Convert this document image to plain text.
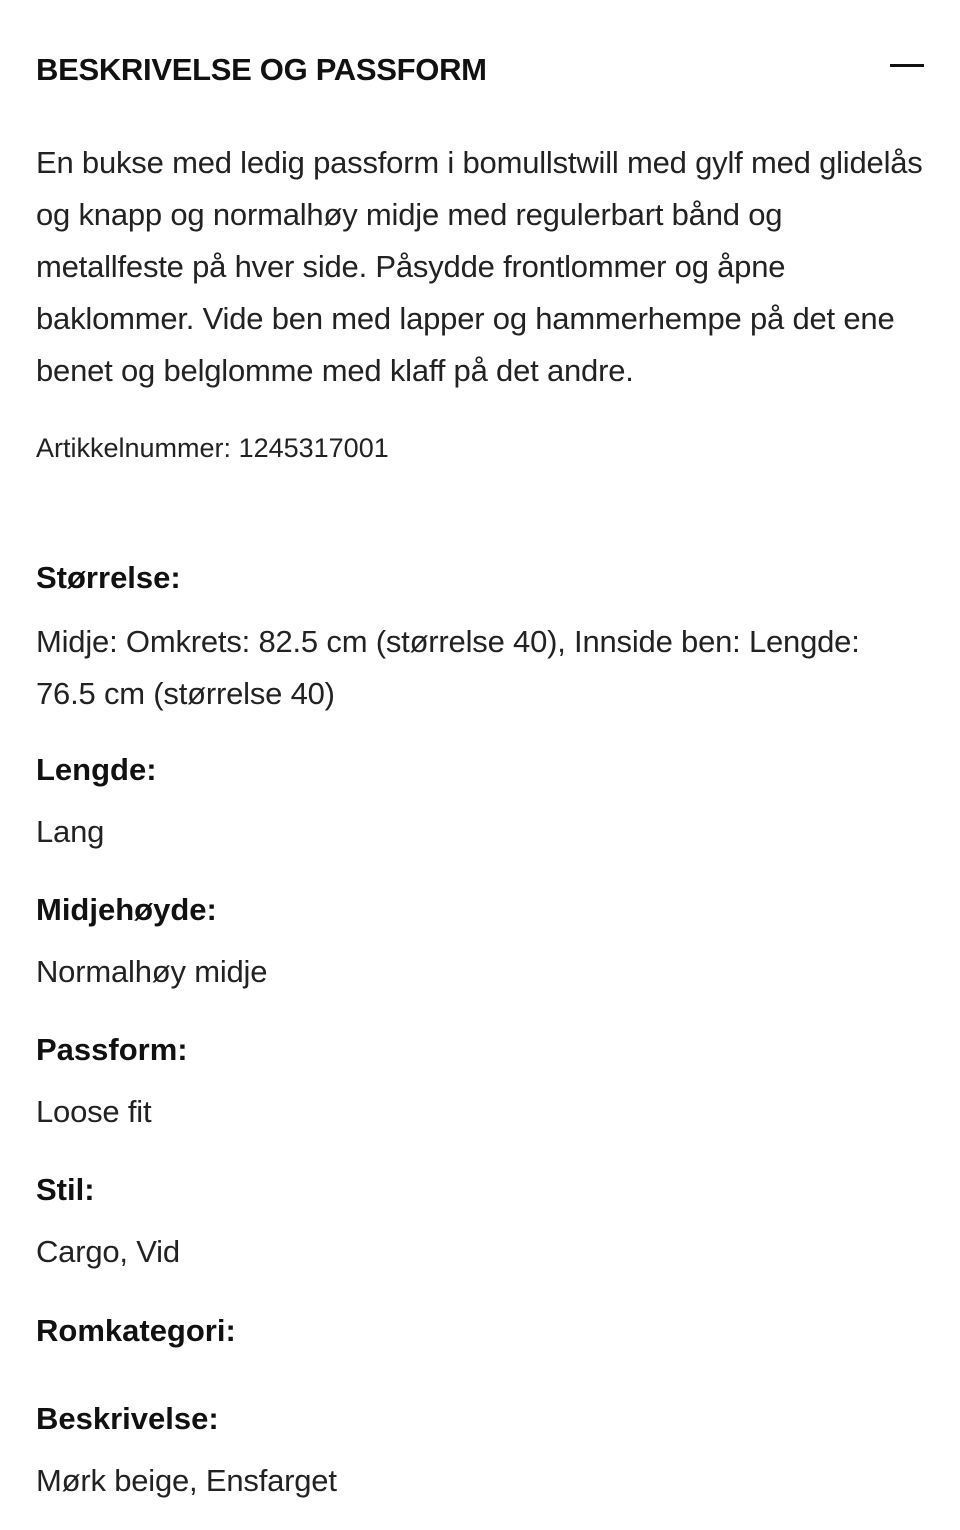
BESKRIVELSE OG PASSFORM

En bukse med ledig passform i bomullstwill med gylf med glidelås og knapp og normalhøy midje med regulerbart bånd og metallfeste på hver side. Påsydde frontlommer og åpne baklommer. Vide ben med lapper og hammerhempe på det ene benet og belglomme med klaff på det andre.

Artikkelnummer: 1245317001

Størrelse:
Midje: Omkrets: 82.5 cm (størrelse 40), Innside ben: Lengde: 76.5 cm (størrelse 40)
Lengde:
Lang
Midjehøyde:
Normalhøy midje
Passform:
Loose fit
Stil:
Cargo, Vid
Romkategori:
Beskrivelse:
Mørk beige, Ensfarget
